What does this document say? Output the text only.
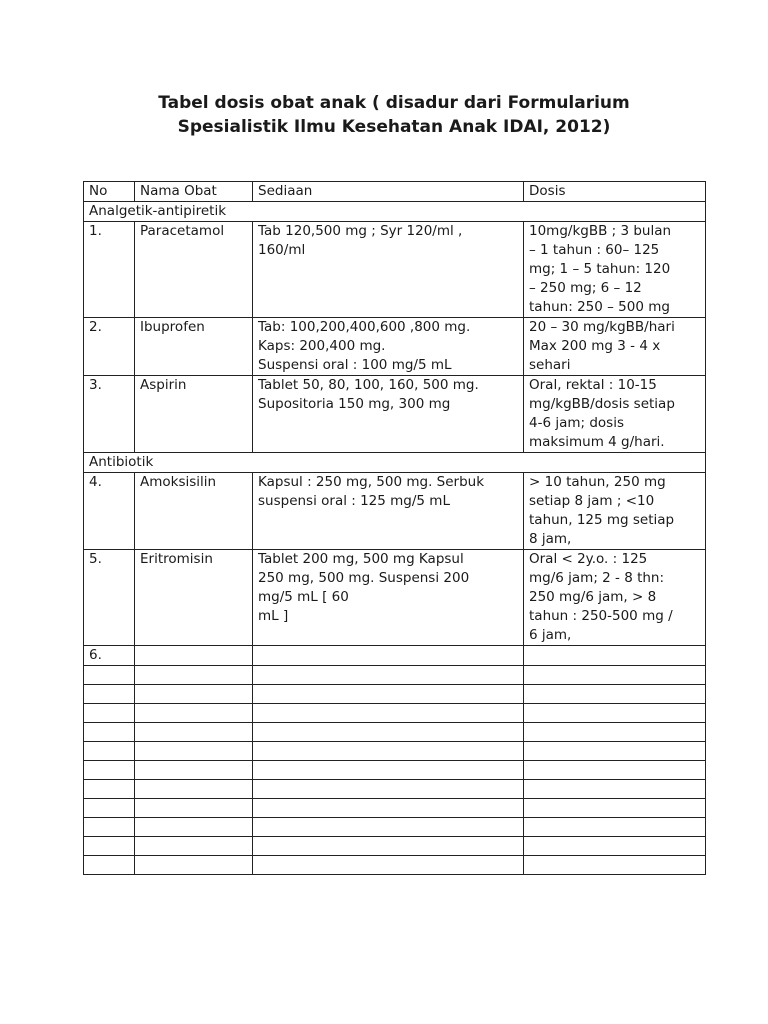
Tabel dosis obat anak ( disadur dari Formularium
Spesialistik Ilmu Kesehatan Anak IDAI, 2012)
No	Nama Obat	Sediaan	Dosis
Analgetik-antipiretik			
1.	Paracetamol	Tab 120,500 mg ; Syr 120/ml ,
160/ml	10mg/kgBB ; 3 bulan
– 1 tahun : 60– 125
mg; 1 – 5 tahun: 120
– 250 mg; 6 – 12
tahun: 250 – 500 mg

2.	Ibuprofen	Tab: 100,200,400,600 ,800 mg.
Kaps: 200,400 mg.
Suspensi oral : 100 mg/5 mL	20 – 30 mg/kgBB/hari
Max 200 mg 3 - 4 x
sehari

3.	Aspirin	Tablet 50, 80, 100, 160, 500 mg.
Supositoria 150 mg, 300 mg	Oral, rektal : 10-15
mg/kgBB/dosis setiap
4-6 jam; dosis
maksimum 4 g/hari.

Antibiotik			
4.	Amoksisilin	Kapsul : 250 mg, 500 mg. Serbuk
suspensi oral : 125 mg/5 mL	> 10 tahun, 250 mg
setiap 8 jam ; <10
tahun, 125 mg setiap
8 jam,

5.	Eritromisin	Tablet 200 mg, 500 mg Kapsul
250 mg, 500 mg. Suspensi 200
mg/5 mL [ 60
mL ]	Oral < 2y.o. : 125
mg/6 jam; 2 - 8 thn:
250 mg/6 jam, > 8
tahun : 250-500 mg /
6 jam,

6.			
